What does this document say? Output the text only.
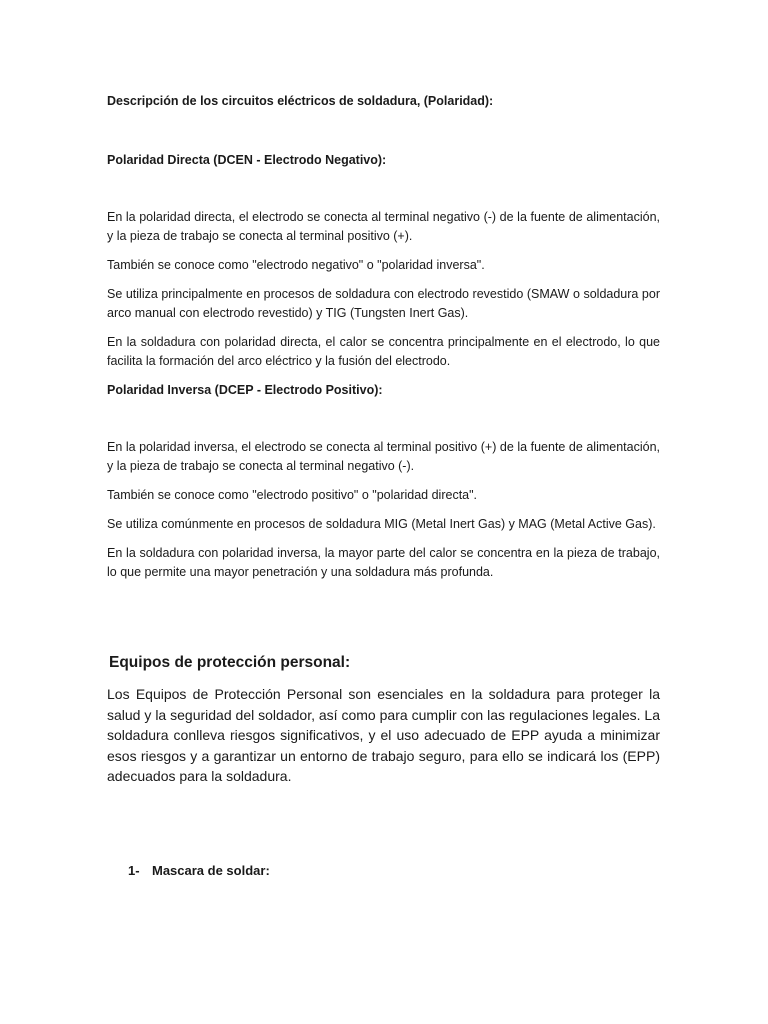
Descripción de los circuitos eléctricos de soldadura, (Polaridad):

Polaridad Directa (DCEN - Electrodo Negativo):

En la polaridad directa, el electrodo se conecta al terminal negativo (-) de la fuente de alimentación, y la pieza de trabajo se conecta al terminal positivo (+).

También se conoce como "electrodo negativo" o "polaridad inversa".

Se utiliza principalmente en procesos de soldadura con electrodo revestido (SMAW o soldadura por arco manual con electrodo revestido) y TIG (Tungsten Inert Gas).

En la soldadura con polaridad directa, el calor se concentra principalmente en el electrodo, lo que facilita la formación del arco eléctrico y la fusión del electrodo.

Polaridad Inversa (DCEP - Electrodo Positivo):

En la polaridad inversa, el electrodo se conecta al terminal positivo (+) de la fuente de alimentación, y la pieza de trabajo se conecta al terminal negativo (-).

También se conoce como "electrodo positivo" o "polaridad directa".

Se utiliza comúnmente en procesos de soldadura MIG (Metal Inert Gas) y MAG (Metal Active Gas).

En la soldadura con polaridad inversa, la mayor parte del calor se concentra en la pieza de trabajo, lo que permite una mayor penetración y una soldadura más profunda.

Equipos de protección personal:

Los Equipos de Protección Personal son esenciales en la soldadura para proteger la salud y la seguridad del soldador, así como para cumplir con las regulaciones legales. La soldadura conlleva riesgos significativos, y el uso adecuado de EPP ayuda a minimizar esos riesgos y a garantizar un entorno de trabajo seguro, para ello se indicará los (EPP) adecuados para la soldadura.

1- Mascara de soldar:
